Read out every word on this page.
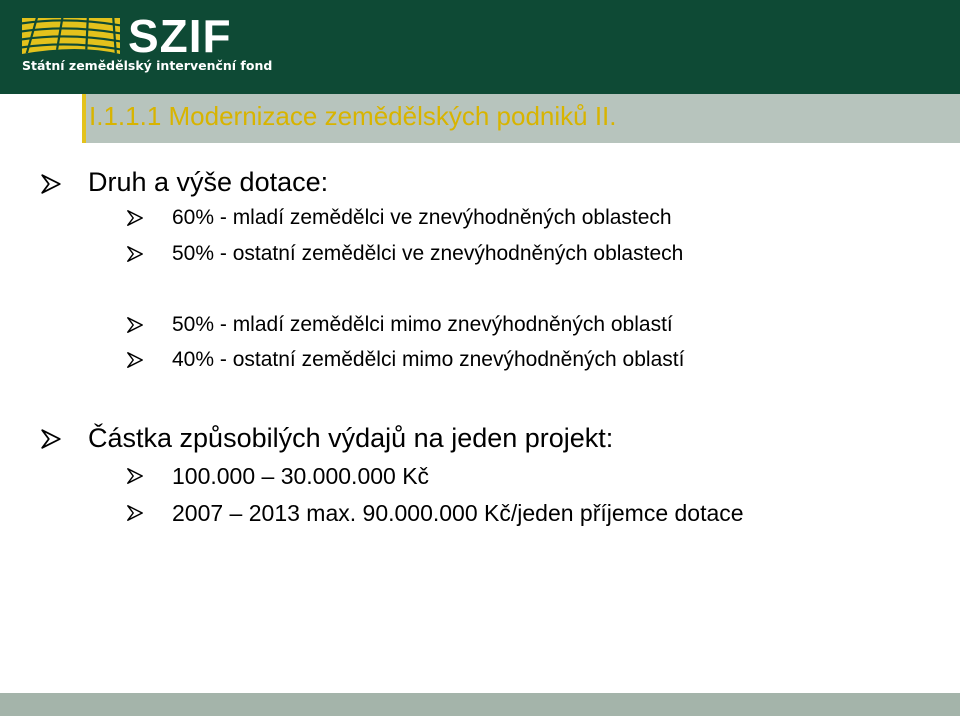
SZIF
Státní zemědělský intervenční fond
I.1.1.1 Modernizace zemědělských podniků II.
Druh a výše dotace:
60% - mladí zemědělci ve znevýhodněných oblastech
50% - ostatní zemědělci ve znevýhodněných oblastech
50% - mladí zemědělci mimo znevýhodněných oblastí
40% - ostatní zemědělci mimo znevýhodněných oblastí
Částka způsobilých výdajů na jeden projekt:
100.000 – 30.000.000 Kč
2007 – 2013 max. 90.000.000 Kč/jeden příjemce dotace
